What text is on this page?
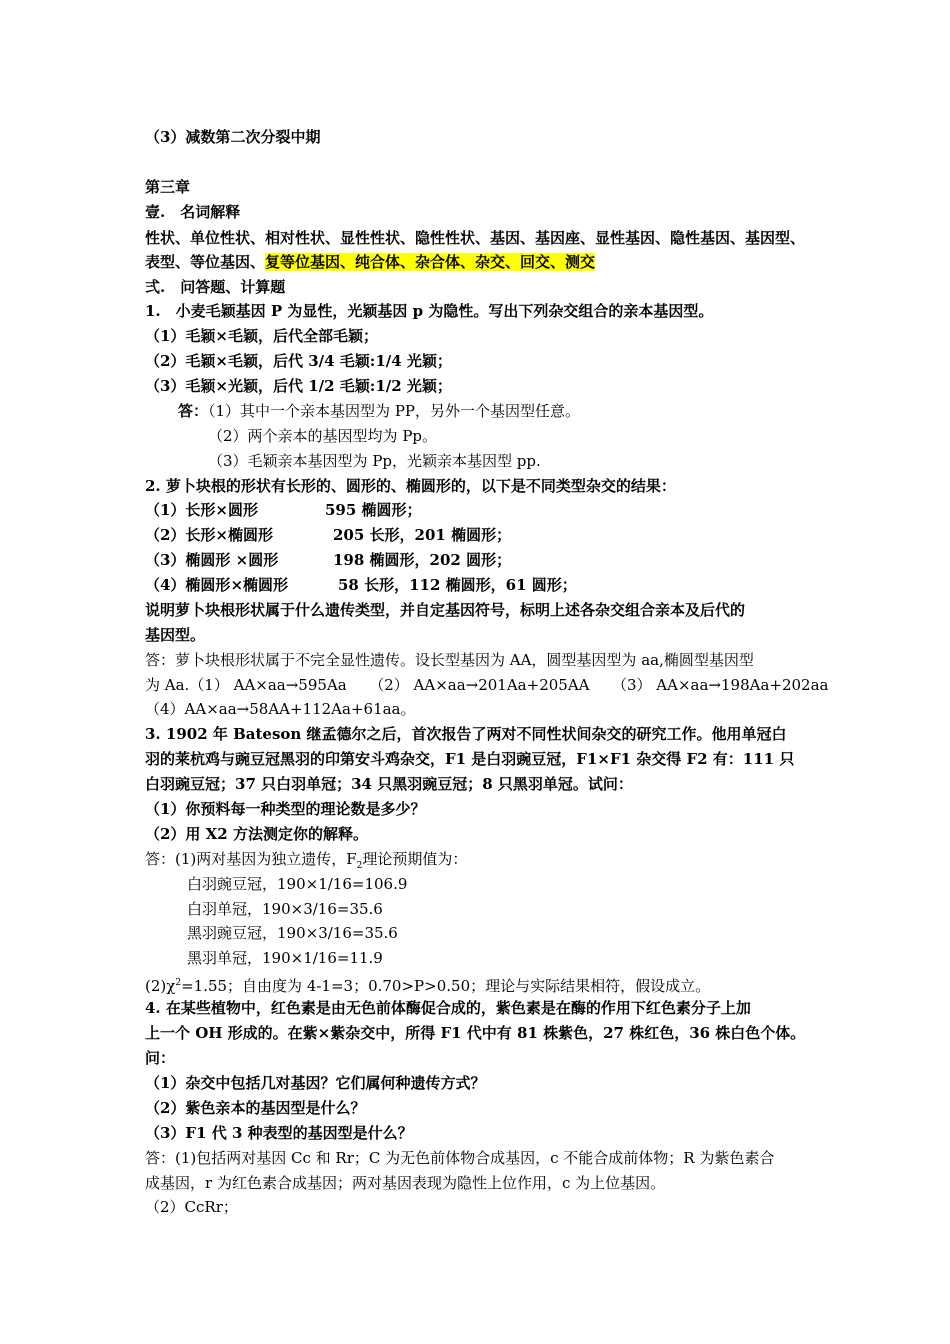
（3）减数第二次分裂中期
第三章
壹.　名词解释
性状、单位性状、相对性状、显性性状、隐性性状、基因、基因座、显性基因、隐性基因、基因型、
表型、等位基因、复等位基因、纯合体、杂合体、杂交、回交、测交
弍.　问答题、计算题
1.　小麦毛颖基因 P 为显性，光颖基因 p 为隐性。写出下列杂交组合的亲本基因型。
（1）毛颖×毛颖，后代全部毛颖；
（2）毛颖×毛颖，后代 3/4 毛颖:1/4 光颖；
（3）毛颖×光颖，后代 1/2 毛颖:1/2 光颖；
答：（1）其中一个亲本基因型为 PP，另外一个基因型任意。
（2）两个亲本的基因型均为 Pp。
（3）毛颖亲本基因型为 Pp，光颖亲本基因型 pp.
2. 萝卜块根的形状有长形的、圆形的、椭圆形的，以下是不同类型杂交的结果：
（1）长形×圆形	595 椭圆形；
（2）长形×椭圆形	205 长形，201 椭圆形；
（3）椭圆形 ×圆形	198 椭圆形，202 圆形；
（4）椭圆形×椭圆形	58 长形，112 椭圆形，61 圆形；
说明萝卜块根形状属于什么遗传类型，并自定基因符号，标明上述各杂交组合亲本及后代的
基因型。
答：萝卜块根形状属于不完全显性遗传。设长型基因为 AA，圆型基因型为 aa,椭圆型基因型
为 Aa.（1） AA×aa→595Aa　　（2） AA×aa→201Aa+205AA　　（3） AA×aa→198Aa+202aa
（4）AA×aa→58AA+112Aa+61aa。
3. 1902 年 Bateson 继孟德尔之后，首次报告了两对不同性状间杂交的研究工作。他用单冠白
羽的莱杭鸡与豌豆冠黑羽的印第安斗鸡杂交，F1 是白羽豌豆冠，F1×F1 杂交得 F2 有：111 只
白羽豌豆冠；37 只白羽单冠；34 只黑羽豌豆冠；8 只黑羽单冠。试问：
（1）你预料每一种类型的理论数是多少？
（2）用 X2 方法测定你的解释。
答：(1)两对基因为独立遗传，$F_2$理论预期值为：
白羽豌豆冠，190×1/16=106.9
白羽单冠，190×3/16=35.6
黑羽豌豆冠，190×3/16=35.6
黑羽单冠，190×1/16=11.9
$(2)\chi^2=1.55$；自由度为 4-1=3；0.70>P>0.50；理论与实际结果相符，假设成立。
4. 在某些植物中，红色素是由无色前体酶促合成的，紫色素是在酶的作用下红色素分子上加
上一个 OH 形成的。在紫×紫杂交中，所得 F1 代中有 81 株紫色，27 株红色，36 株白色个体。
问：
（1）杂交中包括几对基因？它们属何种遗传方式？
（2）紫色亲本的基因型是什么？
（3）F1 代 3 种表型的基因型是什么？
答：(1)包括两对基因 Cc 和 Rr；C 为无色前体物合成基因，c 不能合成前体物；R 为紫色素合
成基因，r 为红色素合成基因；两对基因表现为隐性上位作用，c 为上位基因。
（2）CcRr；
